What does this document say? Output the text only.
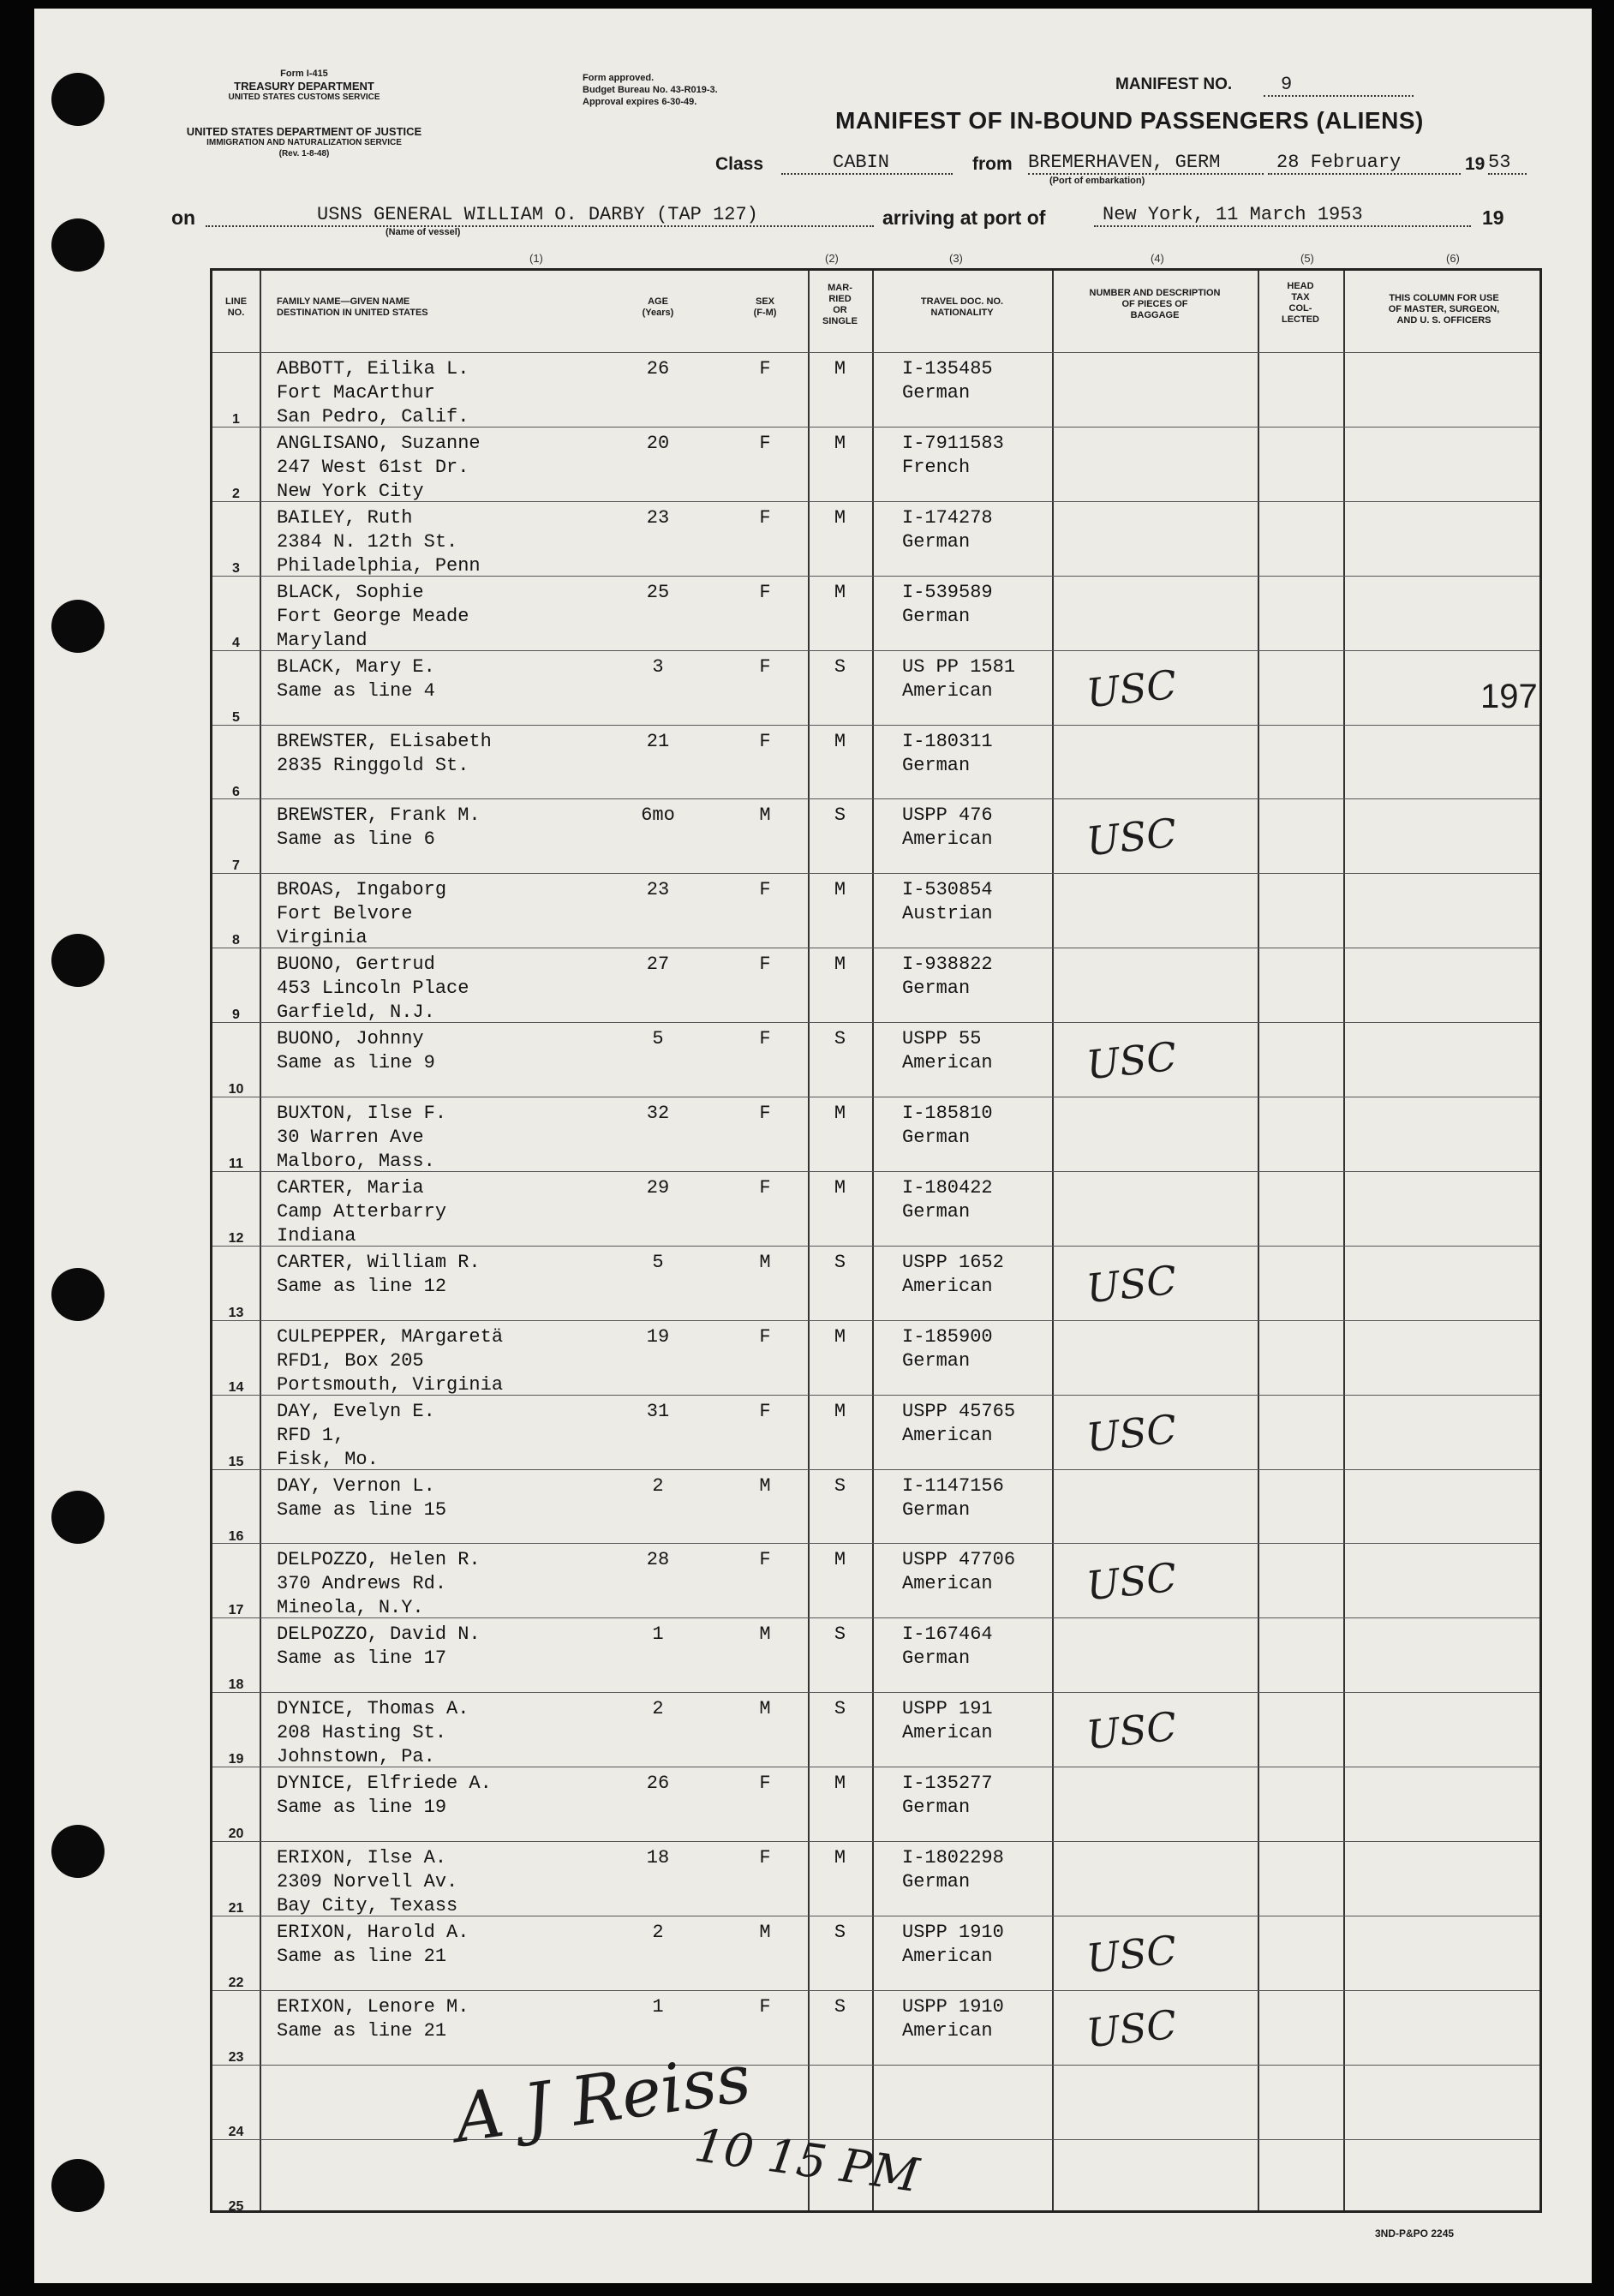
Form I-415
TREASURY DEPARTMENT
UNITED STATES CUSTOMS SERVICE
UNITED STATES DEPARTMENT OF JUSTICE
IMMIGRATION AND NATURALIZATION SERVICE
(Rev. 1-8-48)
Form approved.
Budget Bureau No. 43-R019-3.
Approval expires 6-30-49.
MANIFEST NO.	9
MANIFEST OF IN-BOUND PASSENGERS (ALIENS)
Class	CABIN	from BREMERHAVEN, GERM	28 February	19 53
(Port of embarkation)
on	USNS GENERAL WILLIAM O. DARBY (TAP 127)
(Name of vessel)
arriving at port of	New York, 11 March 1953	19
(1)	(2)	(3)	(4)	(5)	(6)
LINE
NO.
FAMILY NAME—GIVEN NAME
DESTINATION IN UNITED STATES
AGE
(Years)
SEX
(F-M)
MAR-
RIED
OR
SINGLE
TRAVEL DOC. NO.
NATIONALITY
NUMBER AND DESCRIPTION
OF PIECES OF
BAGGAGE
HEAD
TAX
COL-
LECTED
THIS COLUMN FOR USE
OF MASTER, SURGEON,
AND U. S. OFFICERS
1
ABBOTT, Eilika L.
Fort MacArthur
San Pedro, Calif.
26	F	M	I-135485
German
2
ANGLISANO, Suzanne
247 West 61st Dr.
New York City
20	F	M	I-7911583
French
3
BAILEY, Ruth
2384 N. 12th St.
Philadelphia, Penn
23	F	M	I-174278
German
4
BLACK, Sophie
Fort George Meade
Maryland
25	F	M	I-539589
German
5
BLACK, Mary E.
Same as line 4
3	F	S	US PP 1581
American	USC
6
BREWSTER, ELisabeth
2835 Ringgold St.
21	F	M	I-180311
German
7
BREWSTER, Frank M.
Same as line 6
6mo	M	S	USPP 476
American USC
8
BROAS, Ingaborg
Fort Belvore
Virginia
23	F	M	I-530854
Austrian
9
BUONO, Gertrud
453 Lincoln Place
Garfield, N.J.
27	F	M	I-938822
German
10
BUONO, Johnny
Same as line 9
5	F	S	USPP 55
American USC
11
BUXTON, Ilse F.
30 Warren Ave
Malboro, Mass.
32	F	M	I-185810
German
12
CARTER, Maria
Camp Atterbarry
Indiana
29	F	M	I-180422
German
13
CARTER, William R.
Same as line 12
5	M	S	USPP 1652
American USC
14
CULPEPPER, MArgaretä
RFD1, Box 205
Portsmouth, Virginia
19	F	M	I-185900
German
15
DAY, Evelyn E.
RFD 1,
Fisk, Mo.
31	F	M	USPP 45765
American	USC
16
DAY, Vernon L.
Same as line 15
2	M	S	I-1147156
German
17
DELPOZZO, Helen R.
370 Andrews Rd.
Mineola, N.Y.
28	F	M	USPP 47706
American	USC
18
DELPOZZO, David N.
Same as line 17
1	M	S	I-167464
German
19
DYNICE, Thomas A.
208 Hasting St.
Johnstown, Pa.
2	M	S	USPP 191
American USC
20
DYNICE, Elfriede A.
Same as line 19
26	F	M	I-135277
German
21
ERIXON, Ilse A.
2309 Norvell Av.
Bay City, Texass
18	F	M	I-1802298
German
22
ERIXON, Harold A.
Same as line 21
2	M	S	USPP 1910
American USC
23
ERIXON, Lenore M.
Same as line 21
1	F	S	USPP 1910
American USC
24
25
197
A J Reiss
10 15 PM
3ND-P&PO 2245
